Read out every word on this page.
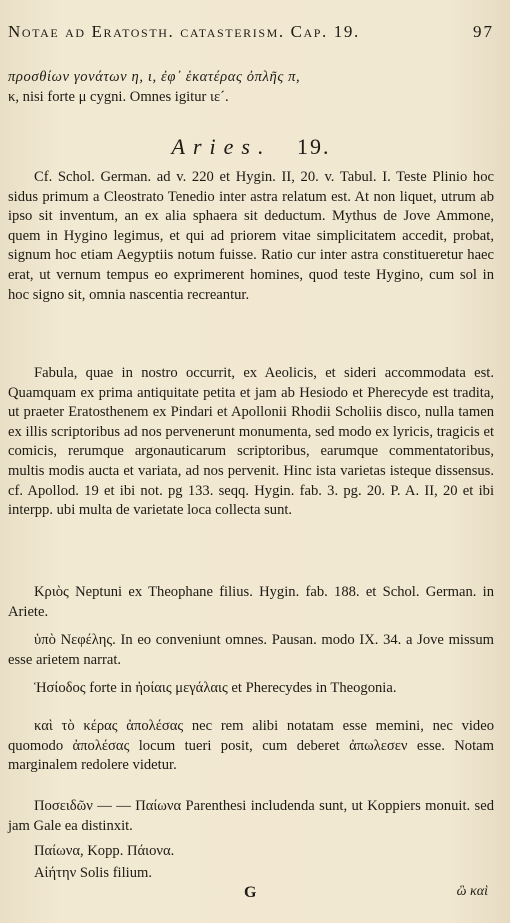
Notae ad Eratosth. catasterism. Cap. 19.	97

προσθίων γονάτων η, ι, ἐφ᾽ ἑκατέρας ὀπλῆς π,

κ, nisi forte μ cygni. Omnes igitur ιε´.

Aries. 19.

Cf. Schol. German. ad v. 220 et Hygin. II, 20. v. Tabul. I. Teste Plinio hoc sidus primum a Cleostrato Tenedio inter astra relatum est. At non liquet, utrum ab ipso sit inventum, an ex alia sphaera sit deductum. Mythus de Jove Ammone, quem in Hygino legimus, et qui ad priorem vitae simplicitatem accedit, probat, signum hoc etiam Aegyptiis notum fuisse. Ratio cur inter astra constitueretur haec erat, ut vernum tempus eo exprimerent homines, quod teste Hygino, cum sol in hoc signo sit, omnia nascentia recreantur.

Fabula, quae in nostro occurrit, ex Aeolicis, et sideri accommodata est. Quamquam ex prima antiquitate petita et jam ab Hesiodo et Pherecyde est tradita, ut praeter Eratosthenem ex Pindari et Apollonii Rhodii Scholiis disco, nulla tamen ex illis scriptoribus ad nos pervenerunt monumenta, sed modo ex lyricis, tragicis et comicis, rerumque argonauticarum scriptoribus, earumque commentatoribus, multis modis aucta et variata, ad nos pervenit. Hinc ista varietas isteque dissensus. cf. Apollod. 19 et ibi not. pg 133. seqq. Hygin. fab. 3. pg. 20. P. A. II, 20 et ibi interpp. ubi multa de varietate loca collecta sunt.

Κριὸς Neptuni ex Theophane filius. Hygin. fab. 188. et Schol. German. in Ariete.

ὑπὸ Νεφέλης. In eo conveniunt omnes. Pausan. modo IX. 34. a Jove missum esse arietem narrat.

Ἡσίοδος forte in ἠοίαις μεγάλαις et Pherecydes in Theogonia.

καὶ τὸ κέρας ἀπολέσας nec rem alibi notatam esse memini, nec video quomodo ἀπολέσας locum tueri posit, cum deberet ἀπωλεσεν esse. Notam marginalem redolere videtur.

Ποσειδῶν — — Παίωνα Parenthesi includenda sunt, ut Koppiers monuit. sed jam Gale ea distinxit.

Παίωνα, Kopp. Πάιονα.

Αἰήτην Solis filium.

G	ὣ καὶ
